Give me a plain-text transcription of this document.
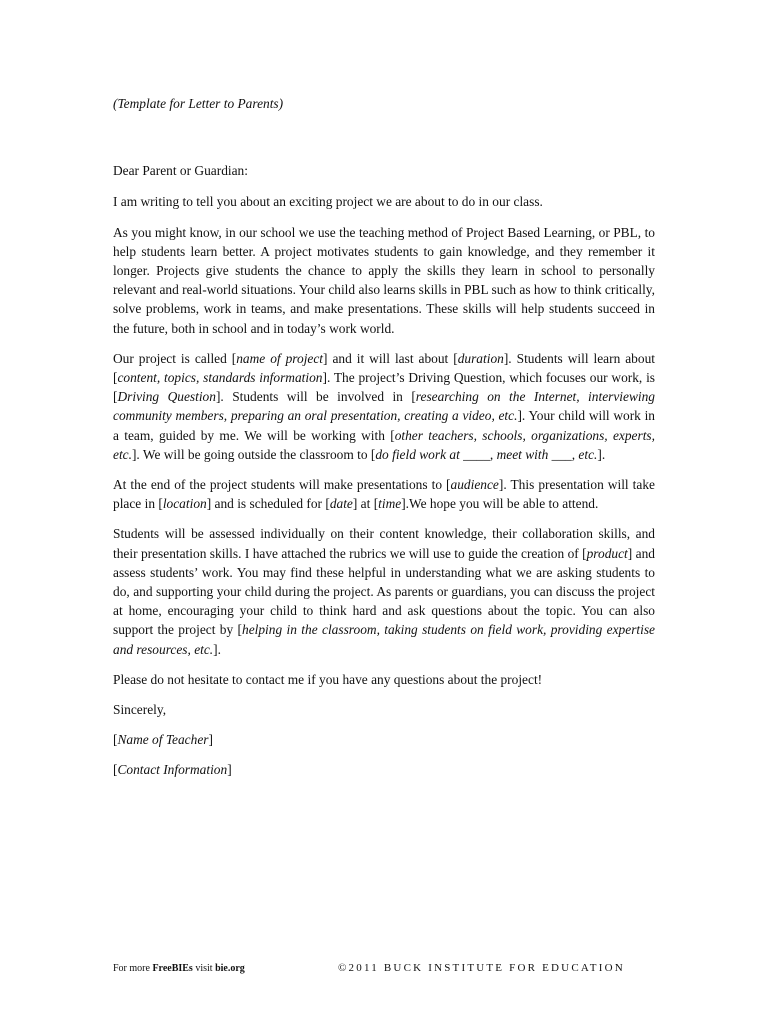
(Template for Letter to Parents)

Dear Parent or Guardian:

I am writing to tell you about an exciting project we are about to do in our class.

As you might know, in our school we use the teaching method of Project Based Learning, or PBL, to help students learn better. A project motivates students to gain knowledge, and they remember it longer. Projects give students the chance to apply the skills they learn in school to personally relevant and real-world situations. Your child also learns skills in PBL such as how to think critically, solve problems, work in teams, and make presentations. These skills will help students succeed in the future, both in school and in today’s work world.

Our project is called [name of project] and it will last about [duration]. Students will learn about [content, topics, standards information]. The project’s Driving Question, which focuses our work, is [Driving Question]. Students will be involved in [researching on the Internet, interviewing community members, preparing an oral presentation, creating a video, etc.]. Your child will work in a team, guided by me. We will be working with [other teachers, schools, organizations, experts, etc.]. We will be going outside the classroom to [do field work at ____, meet with ___, etc.].

At the end of the project students will make presentations to [audience]. This presentation will take place in [location] and is scheduled for [date] at [time].We hope you will be able to attend.

Students will be assessed individually on their content knowledge, their collaboration skills, and their presentation skills. I have attached the rubrics we will use to guide the creation of [product] and assess students’ work. You may find these helpful in understanding what we are asking students to do, and supporting your child during the project. As parents or guardians, you can discuss the project at home, encouraging your child to think hard and ask questions about the topic. You can also support the project by [helping in the classroom, taking students on field work, providing expertise and resources, etc.].

Please do not hesitate to contact me if you have any questions about the project!

Sincerely,

[Name of Teacher]

[Contact Information]

For more FreeBIEs visit bie.org	©2011 BUCK INSTITUTE FOR EDUCATION
